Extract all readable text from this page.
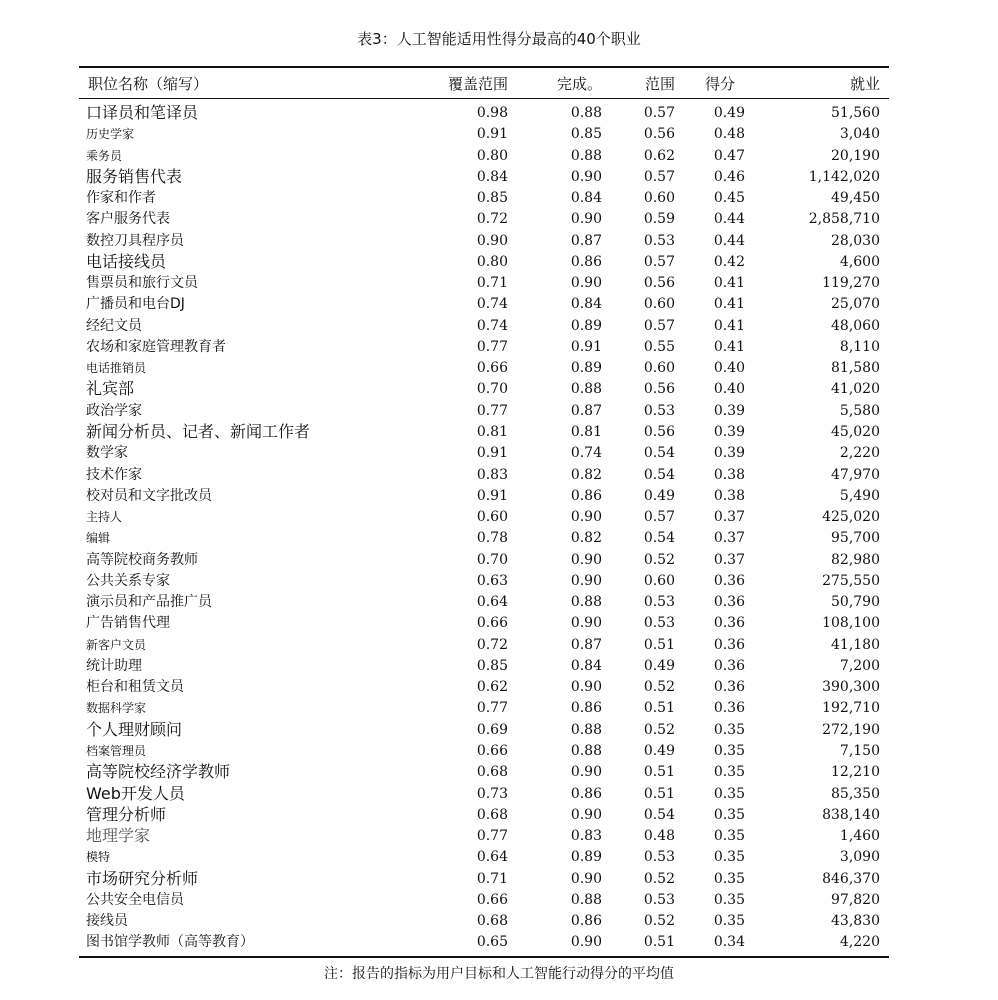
表3：人工智能适用性得分最高的40个职业
职位名称（缩写）	覆盖范围	完成。	范围	得分	就业
口译员和笔译员	0.98	0.88	0.57	0.49	51,560
历史学家	0.91	0.85	0.56	0.48	3,040
乘务员	0.80	0.88	0.62	0.47	20,190
服务销售代表	0.84	0.90	0.57	0.46	1,142,020
作家和作者	0.85	0.84	0.60	0.45	49,450
客户服务代表	0.72	0.90	0.59	0.44	2,858,710
数控刀具程序员	0.90	0.87	0.53	0.44	28,030
电话接线员	0.80	0.86	0.57	0.42	4,600
售票员和旅行文员	0.71	0.90	0.56	0.41	119,270
广播员和电台DJ	0.74	0.84	0.60	0.41	25,070
经纪文员	0.74	0.89	0.57	0.41	48,060
农场和家庭管理教育者	0.77	0.91	0.55	0.41	8,110
电话推销员	0.66	0.89	0.60	0.40	81,580
礼宾部	0.70	0.88	0.56	0.40	41,020
政治学家	0.77	0.87	0.53	0.39	5,580
新闻分析员、记者、新闻工作者	0.81	0.81	0.56	0.39	45,020
数学家	0.91	0.74	0.54	0.39	2,220
技术作家	0.83	0.82	0.54	0.38	47,970
校对员和文字批改员	0.91	0.86	0.49	0.38	5,490
主持人	0.60	0.90	0.57	0.37	425,020
编辑	0.78	0.82	0.54	0.37	95,700
高等院校商务教师	0.70	0.90	0.52	0.37	82,980
公共关系专家	0.63	0.90	0.60	0.36	275,550
演示员和产品推广员	0.64	0.88	0.53	0.36	50,790
广告销售代理	0.66	0.90	0.53	0.36	108,100
新客户文员	0.72	0.87	0.51	0.36	41,180
统计助理	0.85	0.84	0.49	0.36	7,200
柜台和租赁文员	0.62	0.90	0.52	0.36	390,300
数据科学家	0.77	0.86	0.51	0.36	192,710
个人理财顾问	0.69	0.88	0.52	0.35	272,190
档案管理员	0.66	0.88	0.49	0.35	7,150
高等院校经济学教师	0.68	0.90	0.51	0.35	12,210
Web开发人员	0.73	0.86	0.51	0.35	85,350
管理分析师	0.68	0.90	0.54	0.35	838,140
地理学家	0.77	0.83	0.48	0.35	1,460
模特	0.64	0.89	0.53	0.35	3,090
市场研究分析师	0.71	0.90	0.52	0.35	846,370
公共安全电信员	0.66	0.88	0.53	0.35	97,820
接线员	0.68	0.86	0.52	0.35	43,830
图书馆学教师（高等教育）	0.65	0.90	0.51	0.34	4,220
注：报告的指标为用户目标和人工智能行动得分的平均值
